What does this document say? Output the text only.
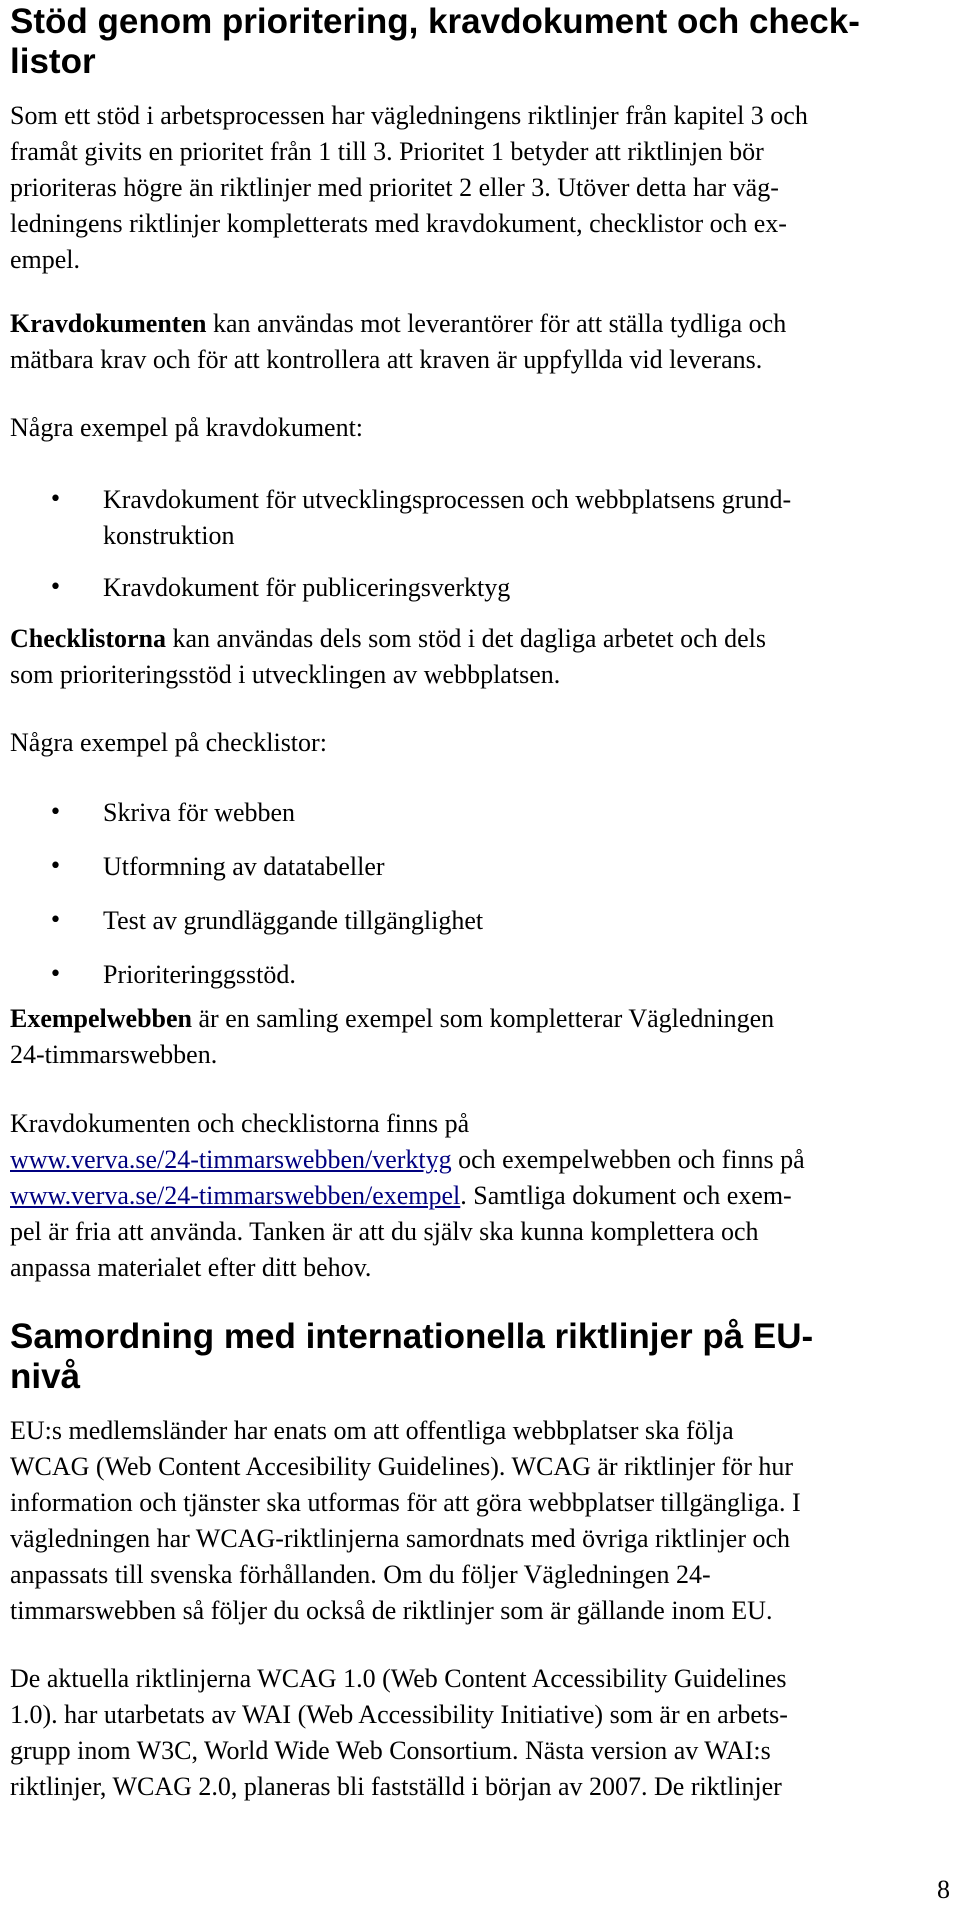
Stöd genom prioritering, kravdokument och check-
listor

Som ett stöd i arbetsprocessen har vägledningens riktlinjer från kapitel 3 och
framåt givits en prioritet från 1 till 3. Prioritet 1 betyder att riktlinjen bör
prioriteras högre än riktlinjer med prioritet 2 eller 3. Utöver detta har väg-
ledningens riktlinjer kompletterats med kravdokument, checklistor och ex-
empel.

Kravdokumenten kan användas mot leverantörer för att ställa tydliga och
mätbara krav och för att kontrollera att kraven är uppfyllda vid leverans.

Några exempel på kravdokument:

• Kravdokument för utvecklingsprocessen och webbplatsens grund-
konstruktion
• Kravdokument för publiceringsverktyg

Checklistorna kan användas dels som stöd i det dagliga arbetet och dels
som prioriteringsstöd i utvecklingen av webbplatsen.

Några exempel på checklistor:

• Skriva för webben
• Utformning av datatabeller
• Test av grundläggande tillgänglighet
• Prioriteringgsstöd.

Exempelwebben är en samling exempel som kompletterar Vägledningen
24-timmarswebben.

Kravdokumenten och checklistorna finns på
www.verva.se/24-timmarswebben/verktyg och exempelwebben och finns på
www.verva.se/24-timmarswebben/exempel. Samtliga dokument och exem-
pel är fria att använda. Tanken är att du själv ska kunna komplettera och
anpassa materialet efter ditt behov.

Samordning med internationella riktlinjer på EU-
nivå

EU:s medlemsländer har enats om att offentliga webbplatser ska följa
WCAG (Web Content Accesibility Guidelines). WCAG är riktlinjer för hur
information och tjänster ska utformas för att göra webbplatser tillgängliga. I
vägledningen har WCAG-riktlinjerna samordnats med övriga riktlinjer och
anpassats till svenska förhållanden. Om du följer Vägledningen 24-
timmarswebben så följer du också de riktlinjer som är gällande inom EU.

De aktuella riktlinjerna WCAG 1.0 (Web Content Accessibility Guidelines
1.0). har utarbetats av WAI (Web Accessibility Initiative) som är en arbets-
grupp inom W3C, World Wide Web Consortium. Nästa version av WAI:s
riktlinjer, WCAG 2.0, planeras bli fastställd i början av 2007. De riktlinjer

8
